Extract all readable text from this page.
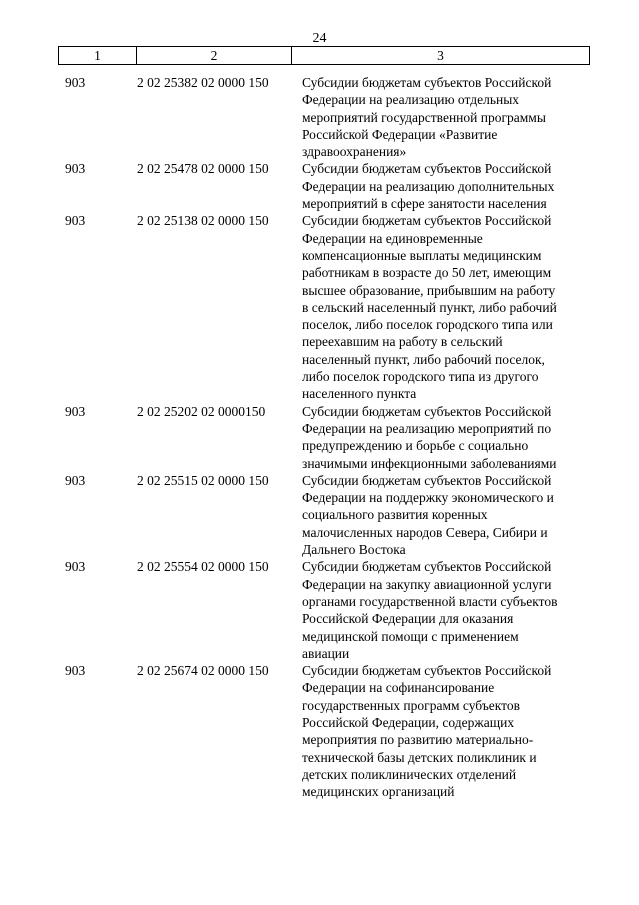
24
1	2	3
903	2 02 25382 02 0000 150 Субсидии бюджетам субъектов Российской
Федерации на реализацию отдельных
мероприятий государственной программы
Российской Федерации «Развитие
здравоохранения»
903	2 02 25478 02 0000 150 Субсидии бюджетам субъектов Российской
Федерации на реализацию дополнительных
мероприятий в сфере занятости населения
903	2 02 25138 02 0000 150 Субсидии бюджетам субъектов Российской
Федерации на единовременные
компенсационные выплаты медицинским
работникам в возрасте до 50 лет, имеющим
высшее образование, прибывшим на работу
в сельский населенный пункт, либо рабочий
поселок, либо поселок городского типа или
переехавшим на работу в сельский
населенный пункт, либо рабочий поселок,
либо поселок городского типа из другого
населенного пункта
903	2 02 25202 02 0000150	Субсидии бюджетам субъектов Российской
Федерации на реализацию мероприятий по
предупреждению и борьбе с социально
значимыми инфекционными заболеваниями
903	2 02 25515 02 0000 150 Субсидии бюджетам субъектов Российской
Федерации на поддержку экономического и
социального развития коренных
малочисленных народов Севера, Сибири и
Дальнего Востока
903	2 02 25554 02 0000 150 Субсидии бюджетам субъектов Российской
Федерации на закупку авиационной услуги
органами государственной власти субъектов
Российской Федерации для оказания
медицинской помощи с применением
авиации
903	2 02 25674 02 0000 150 Субсидии бюджетам субъектов Российской
Федерации на софинансирование
государственных программ субъектов
Российской Федерации, содержащих
мероприятия по развитию материально-
технической базы детских поликлиник и
детских поликлинических отделений
медицинских организаций
